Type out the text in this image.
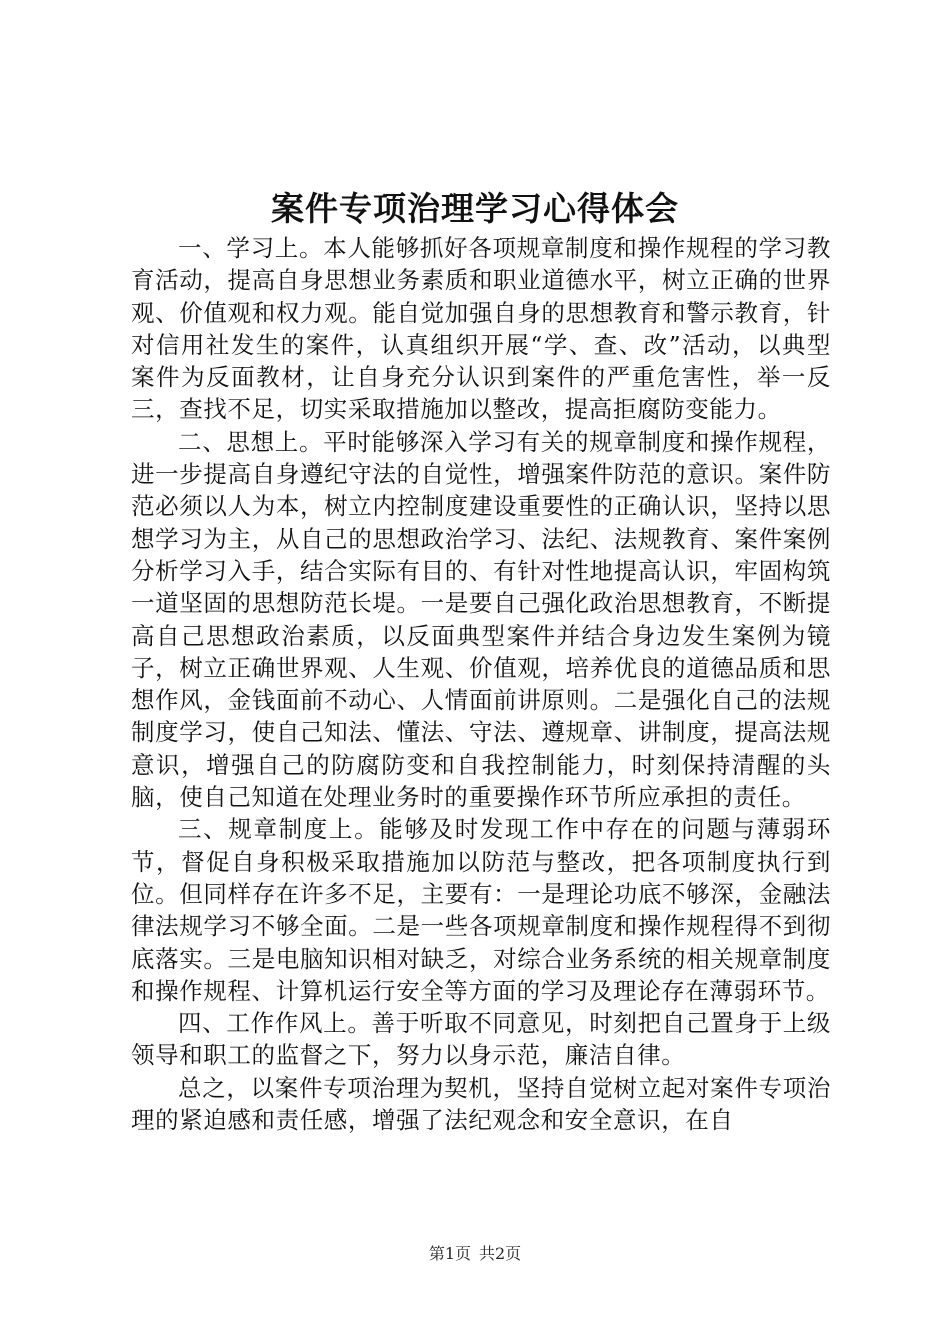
案件专项治理学习心得体会

一、学习上。本人能够抓好各项规章制度和操作规程的学习教育活动，提高自身思想业务素质和职业道德水平，树立正确的世界观、价值观和权力观。能自觉加强自身的思想教育和警示教育，针对信用社发生的案件，认真组织开展“学、查、改”活动，以典型案件为反面教材，让自身充分认识到案件的严重危害性，举一反三，查找不足，切实采取措施加以整改，提高拒腐防变能力。

二、思想上。平时能够深入学习有关的规章制度和操作规程，进一步提高自身遵纪守法的自觉性，增强案件防范的意识。案件防范必须以人为本，树立内控制度建设重要性的正确认识，坚持以思想学习为主，从自己的思想政治学习、法纪、法规教育、案件案例分析学习入手，结合实际有目的、有针对性地提高认识，牢固构筑一道坚固的思想防范长堤。一是要自己强化政治思想教育，不断提高自己思想政治素质，以反面典型案件并结合身边发生案例为镜子，树立正确世界观、人生观、价值观，培养优良的道德品质和思想作风，金钱面前不动心、人情面前讲原则。二是强化自己的法规制度学习，使自己知法、懂法、守法、遵规章、讲制度，提高法规意识，增强自己的防腐防变和自我控制能力，时刻保持清醒的头脑，使自己知道在处理业务时的重要操作环节所应承担的责任。

三、规章制度上。能够及时发现工作中存在的问题与薄弱环节，督促自身积极采取措施加以防范与整改，把各项制度执行到位。但同样存在许多不足，主要有：一是理论功底不够深，金融法律法规学习不够全面。二是一些各项规章制度和操作规程得不到彻底落实。三是电脑知识相对缺乏，对综合业务系统的相关规章制度和操作规程、计算机运行安全等方面的学习及理论存在薄弱环节。

四、工作作风上。善于听取不同意见，时刻把自己置身于上级领导和职工的监督之下，努力以身示范，廉洁自律。

总之，以案件专项治理为契机，坚持自觉树立起对案件专项治理的紧迫感和责任感，增强了法纪观念和安全意识，在自

第1页 共2页
